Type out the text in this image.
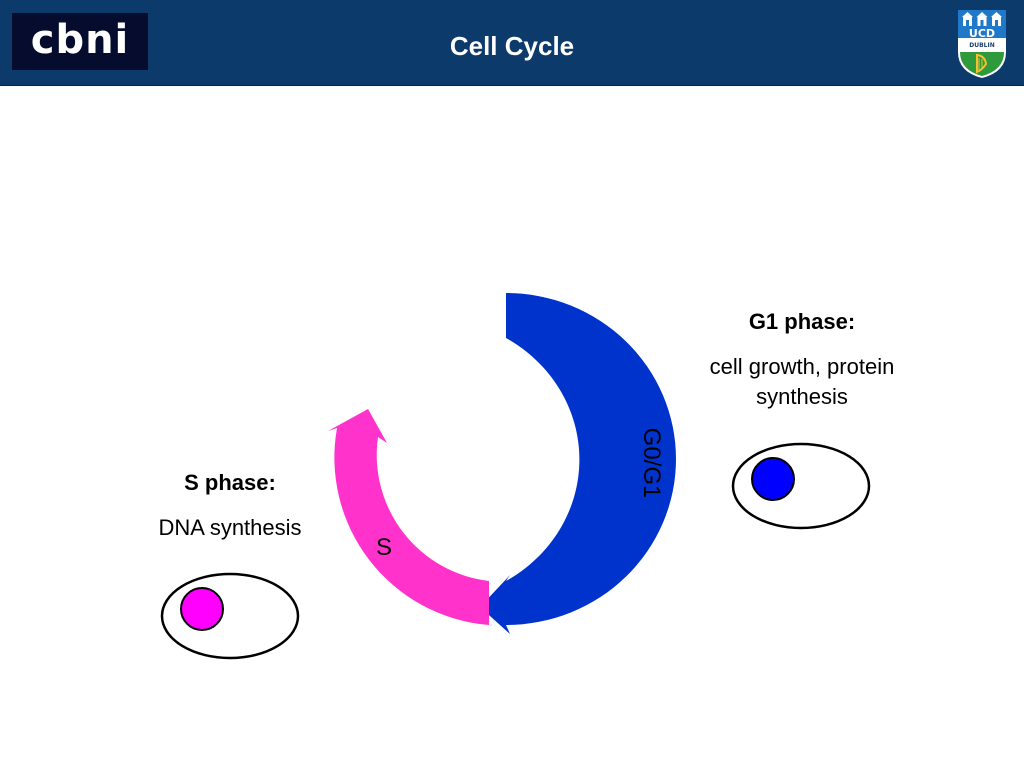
cbni	Cell Cycle	UCD
DUBLIN
G0/G1
S
G1 phase:
cell growth, protein synthesis
S phase:
DNA synthesis
